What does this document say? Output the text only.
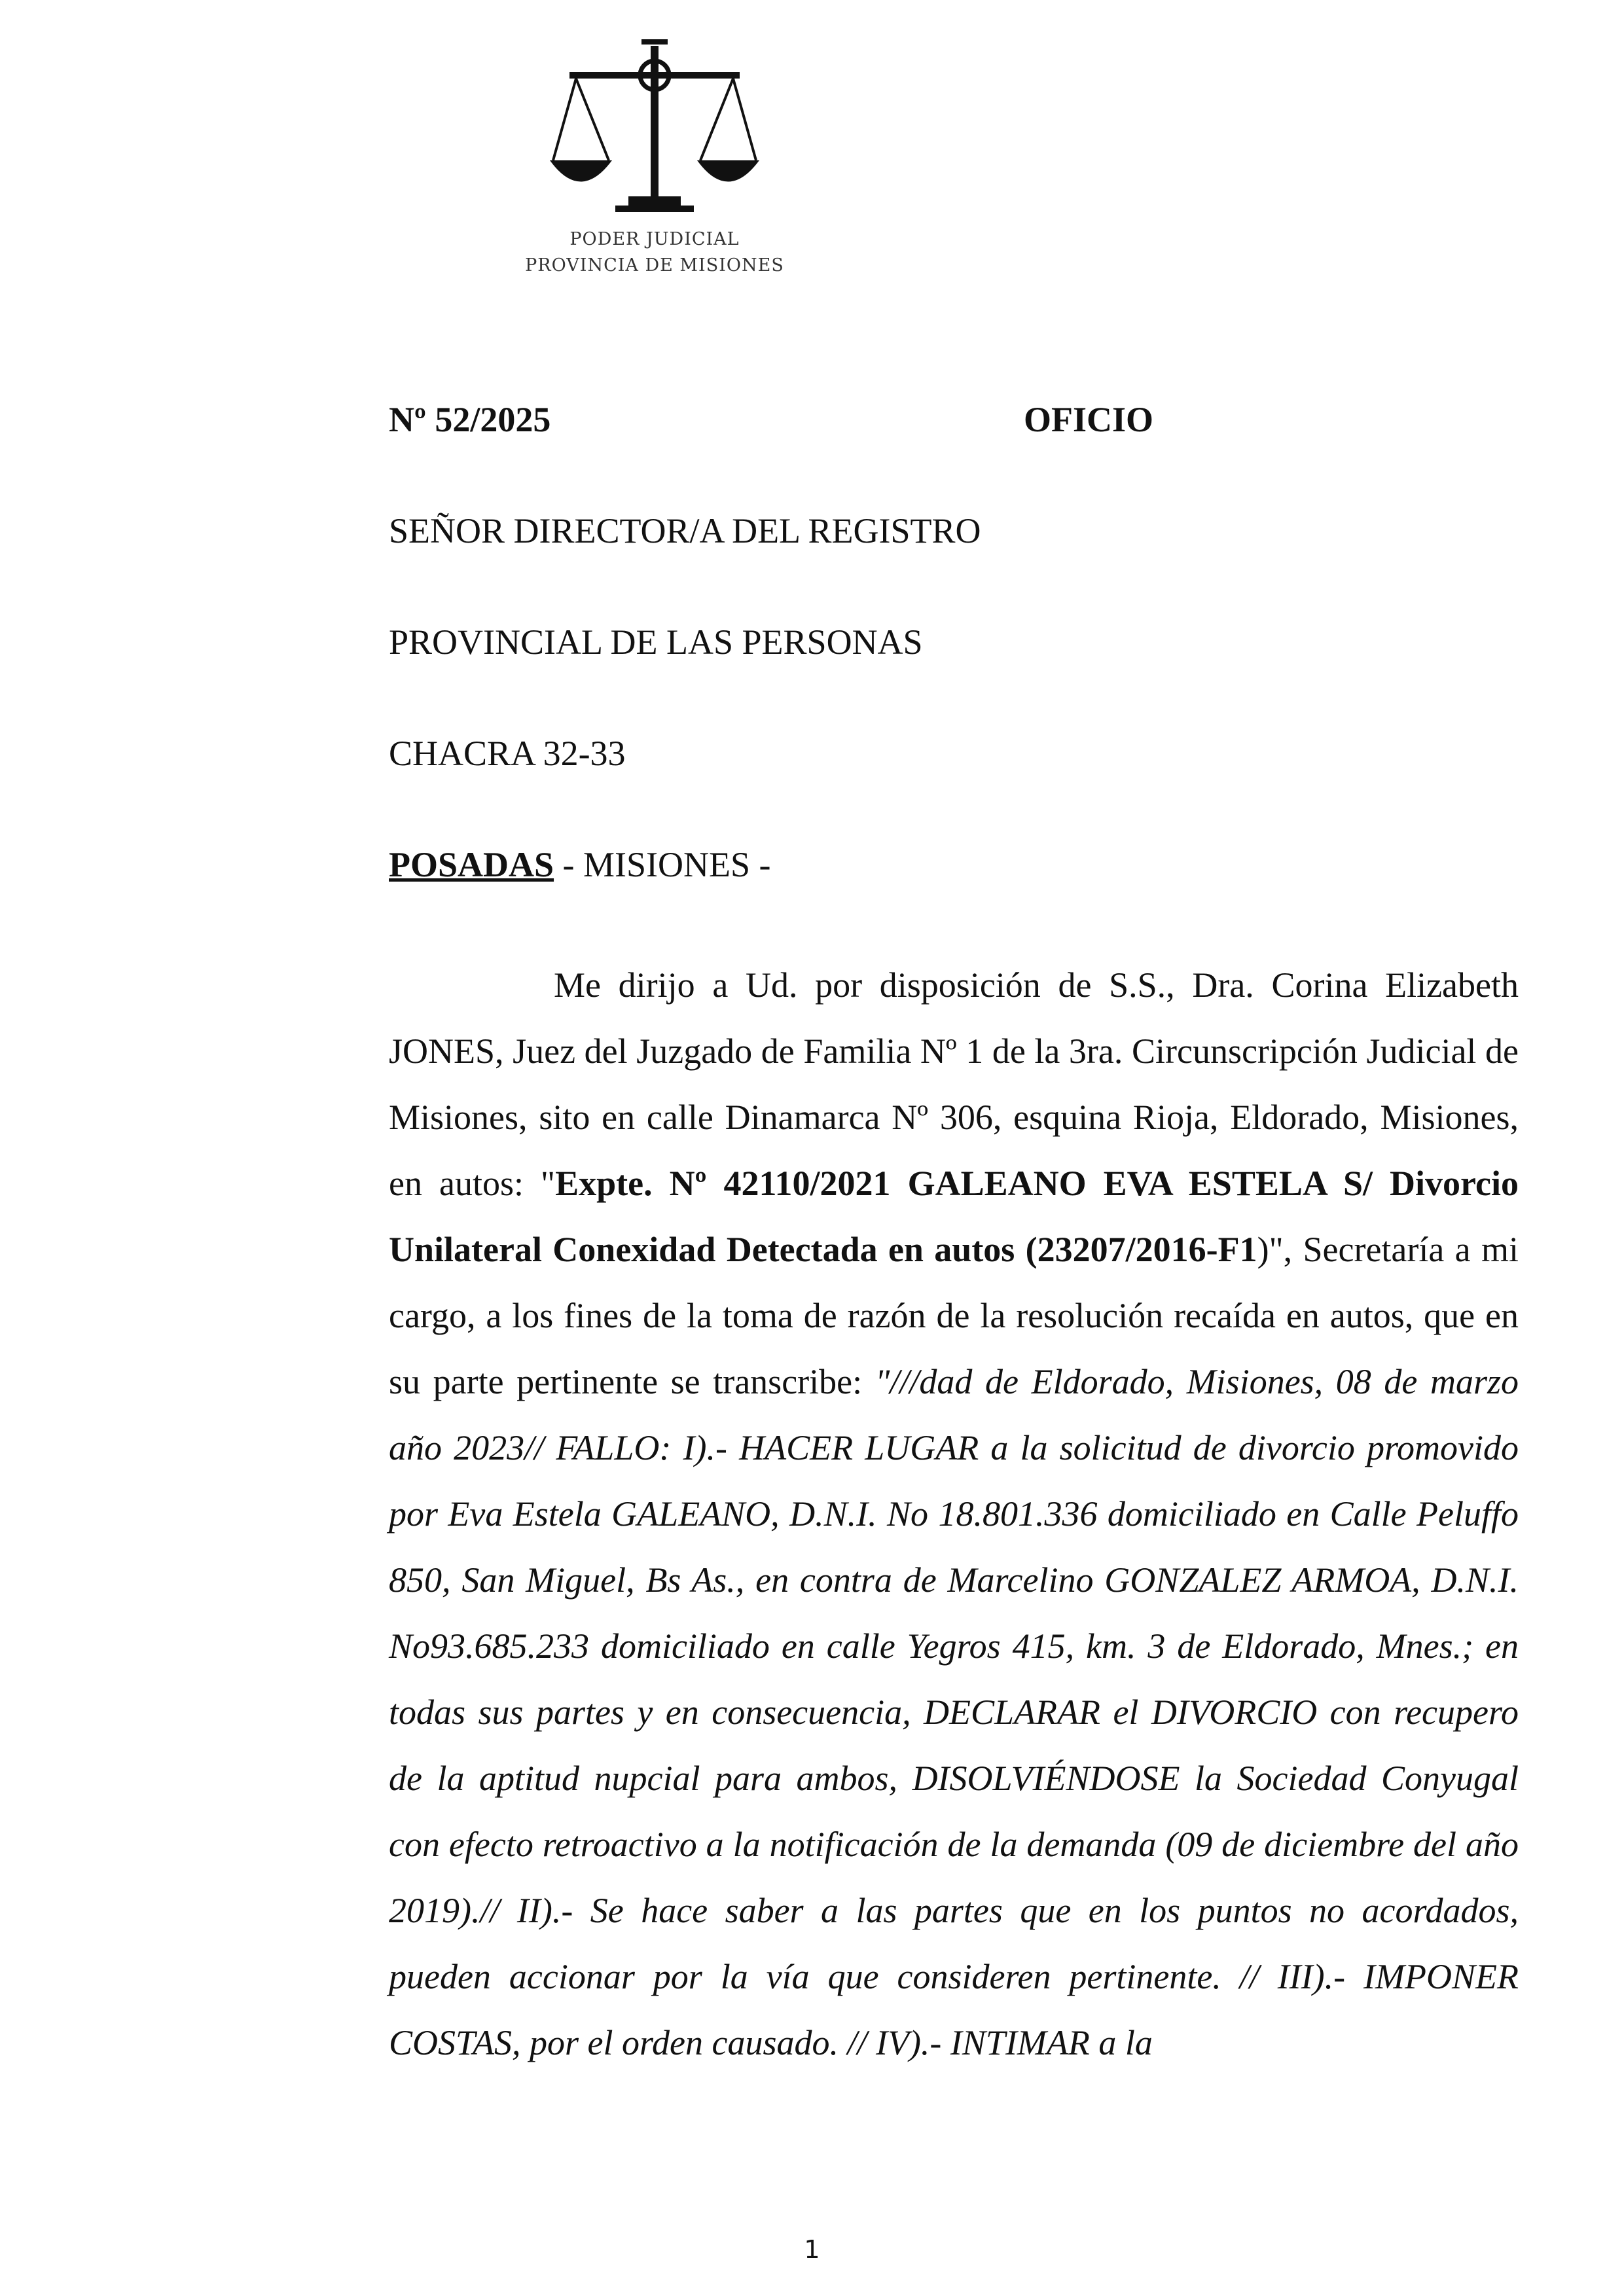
PODER JUDICIAL
PROVINCIA DE MISIONES
Nº 52/2025	OFICIO
SEÑOR DIRECTOR/A DEL REGISTRO
PROVINCIAL DE LAS PERSONAS
CHACRA 32-33
POSADAS - MISIONES -
Me dirijo a Ud. por disposición de S.S., Dra. Corina Elizabeth JONES, Juez del Juzgado de Familia Nº 1 de la 3ra. Circunscripción Judicial de Misiones, sito en calle Dinamarca Nº 306, esquina Rioja, Eldorado, Misiones, en autos: "Expte. Nº 42110/2021 GALEANO EVA ESTELA S/ Divorcio Unilateral Conexidad Detectada en autos (23207/2016-F1)", Secretaría a mi cargo, a los fines de la toma de razón de la resolución recaída en autos, que en su parte pertinente se transcribe: "///dad de Eldorado, Misiones, 08 de marzo año 2023// FALLO: I).- HACER LUGAR a la solicitud de divorcio promovido por Eva Estela GALEANO, D.N.I. No 18.801.336 domiciliado en Calle Peluffo 850, San Miguel, Bs As., en contra de Marcelino GONZALEZ ARMOA, D.N.I. No93.685.233 domiciliado en calle Yegros 415, km. 3 de Eldorado, Mnes.; en todas sus partes y en consecuencia, DECLARAR el DIVORCIO con recupero de la aptitud nupcial para ambos, DISOLVIÉNDOSE la Sociedad Conyugal con efecto retroactivo a la notificación de la demanda (09 de diciembre del año 2019).// II).- Se hace saber a las partes que en los puntos no acordados, pueden accionar por la vía que consideren pertinente. // III).- IMPONER COSTAS, por el orden causado. // IV).- INTIMAR a la
1
